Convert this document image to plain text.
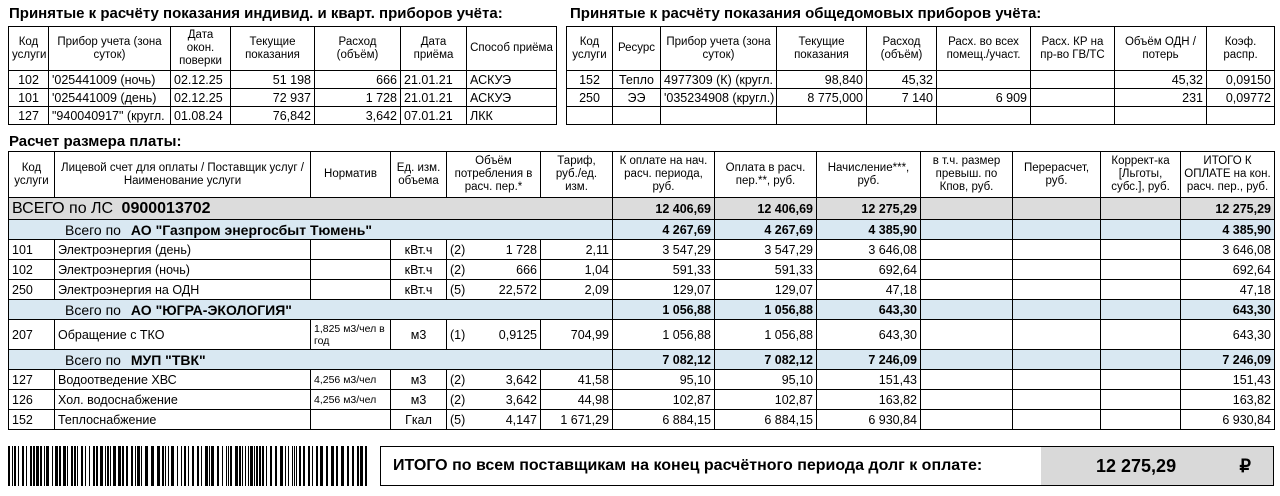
Принятые к расчёту показания индивид. и кварт. приборов учёта:	Принятые к расчёту показания общедомовых приборов учёта:
Код услуги	Прибор учета (зона суток)	Дата окон. поверки	Текущие показания	Расход (объём)	Дата приёма	Способ приёма
102	'025441009 (ночь)	02.12.25	51 198	666	21.01.21	АСКУЭ
101	'025441009 (день)	02.12.25	72 937	1 728	21.01.21	АСКУЭ
127	"940040917" (кругл.	01.08.24	76,842	3,642	07.01.21	ЛКК
Код услуги	Ресурс	Прибор учета (зона суток)	Текущие показания	Расход (объём)	Расх. во всех помещ./участ.	Расх. КР на пр-во ГВ/ТС	Объём ОДН / потерь	Коэф. распр.
152	Тепло	4977309 (К) (кругл.	98,840	45,32			45,32	0,09150
250	ЭЭ	'035234908 (кругл.)	8 775,000	7 140	6 909		231	0,09772

Расчет размера платы:
Код услуги	Лицевой счет для оплаты / Поставщик услуг / Наименование услуги	Норматив	Ед. изм. объема	Объём потребления в расч. пер.*	Тариф, руб./ед. изм.	К оплате на нач. расч. периода, руб.	Оплата в расч. пер.**, руб.	Начисление***, руб.	в т.ч. размер превыш. по Кпов, руб.	Перерасчет, руб.	Коррект-ка [Льготы, субс.], руб.	ИТОГО К ОПЛАТЕ на кон. расч. пер., руб.
ВСЕГО по ЛС 0900013702						12 406,69	12 406,69	12 275,29				12 275,29
Всего по АО "Газпром энергосбыт Тюмень"						4 267,69	4 267,69	4 385,90				4 385,90
101	Электроэнергия (день)		кВт.ч	(2) 1 728	2,11	3 547,29	3 547,29	3 646,08				3 646,08
102	Электроэнергия (ночь)		кВт.ч	(2) 666	1,04	591,33	591,33	692,64				692,64
250	Электроэнергия на ОДН		кВт.ч	(5) 22,572	2,09	129,07	129,07	47,18				47,18
Всего по АО "ЮГРА-ЭКОЛОГИЯ"						1 056,88	1 056,88	643,30				643,30
207	Обращение с ТКО	1,825 м3/чел в год	м3	(1) 0,9125	704,99	1 056,88	1 056,88	643,30				643,30
Всего по МУП "ТВК"						7 082,12	7 082,12	7 246,09				7 246,09
127	Водоотведение ХВС	4,256 м3/чел	м3	(2) 3,642	41,58	95,10	95,10	151,43				151,43
126	Хол. водоснабжение	4,256 м3/чел	м3	(2) 3,642	44,98	102,87	102,87	163,82				163,82
152	Теплоснабжение		Гкал	(5) 4,147	1 671,29	6 884,15	6 884,15	6 930,84				6 930,84
ИТОГО по всем поставщикам на конец расчётного периода долг к оплате:	12 275,29	₽
